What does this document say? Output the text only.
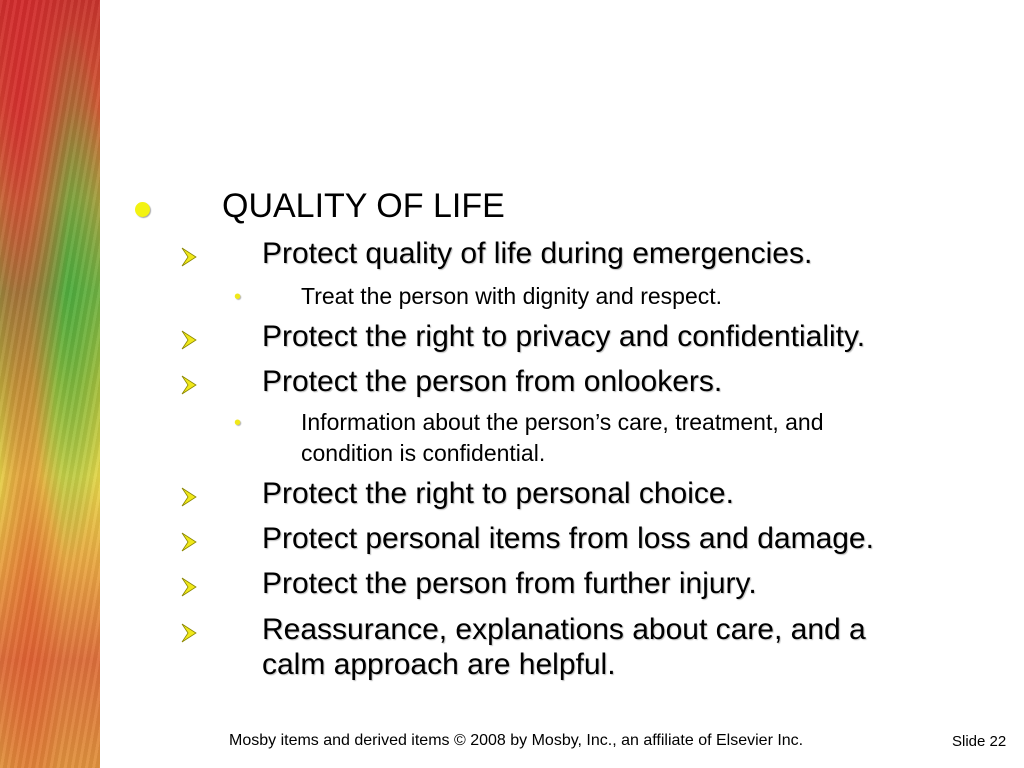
QUALITY OF LIFE
Protect quality of life during emergencies.
•	Treat the person with dignity and respect.
Protect the right to privacy and confidentiality.
Protect the person from onlookers.
•	Information about the person’s care, treatment, and
condition is confidential.
Protect the right to personal choice.
Protect personal items from loss and damage.
Protect the person from further injury.
Reassurance, explanations about care, and a
calm approach are helpful.
Mosby items and derived items © 2008 by Mosby, Inc., an affiliate of Elsevier Inc.	Slide 22
